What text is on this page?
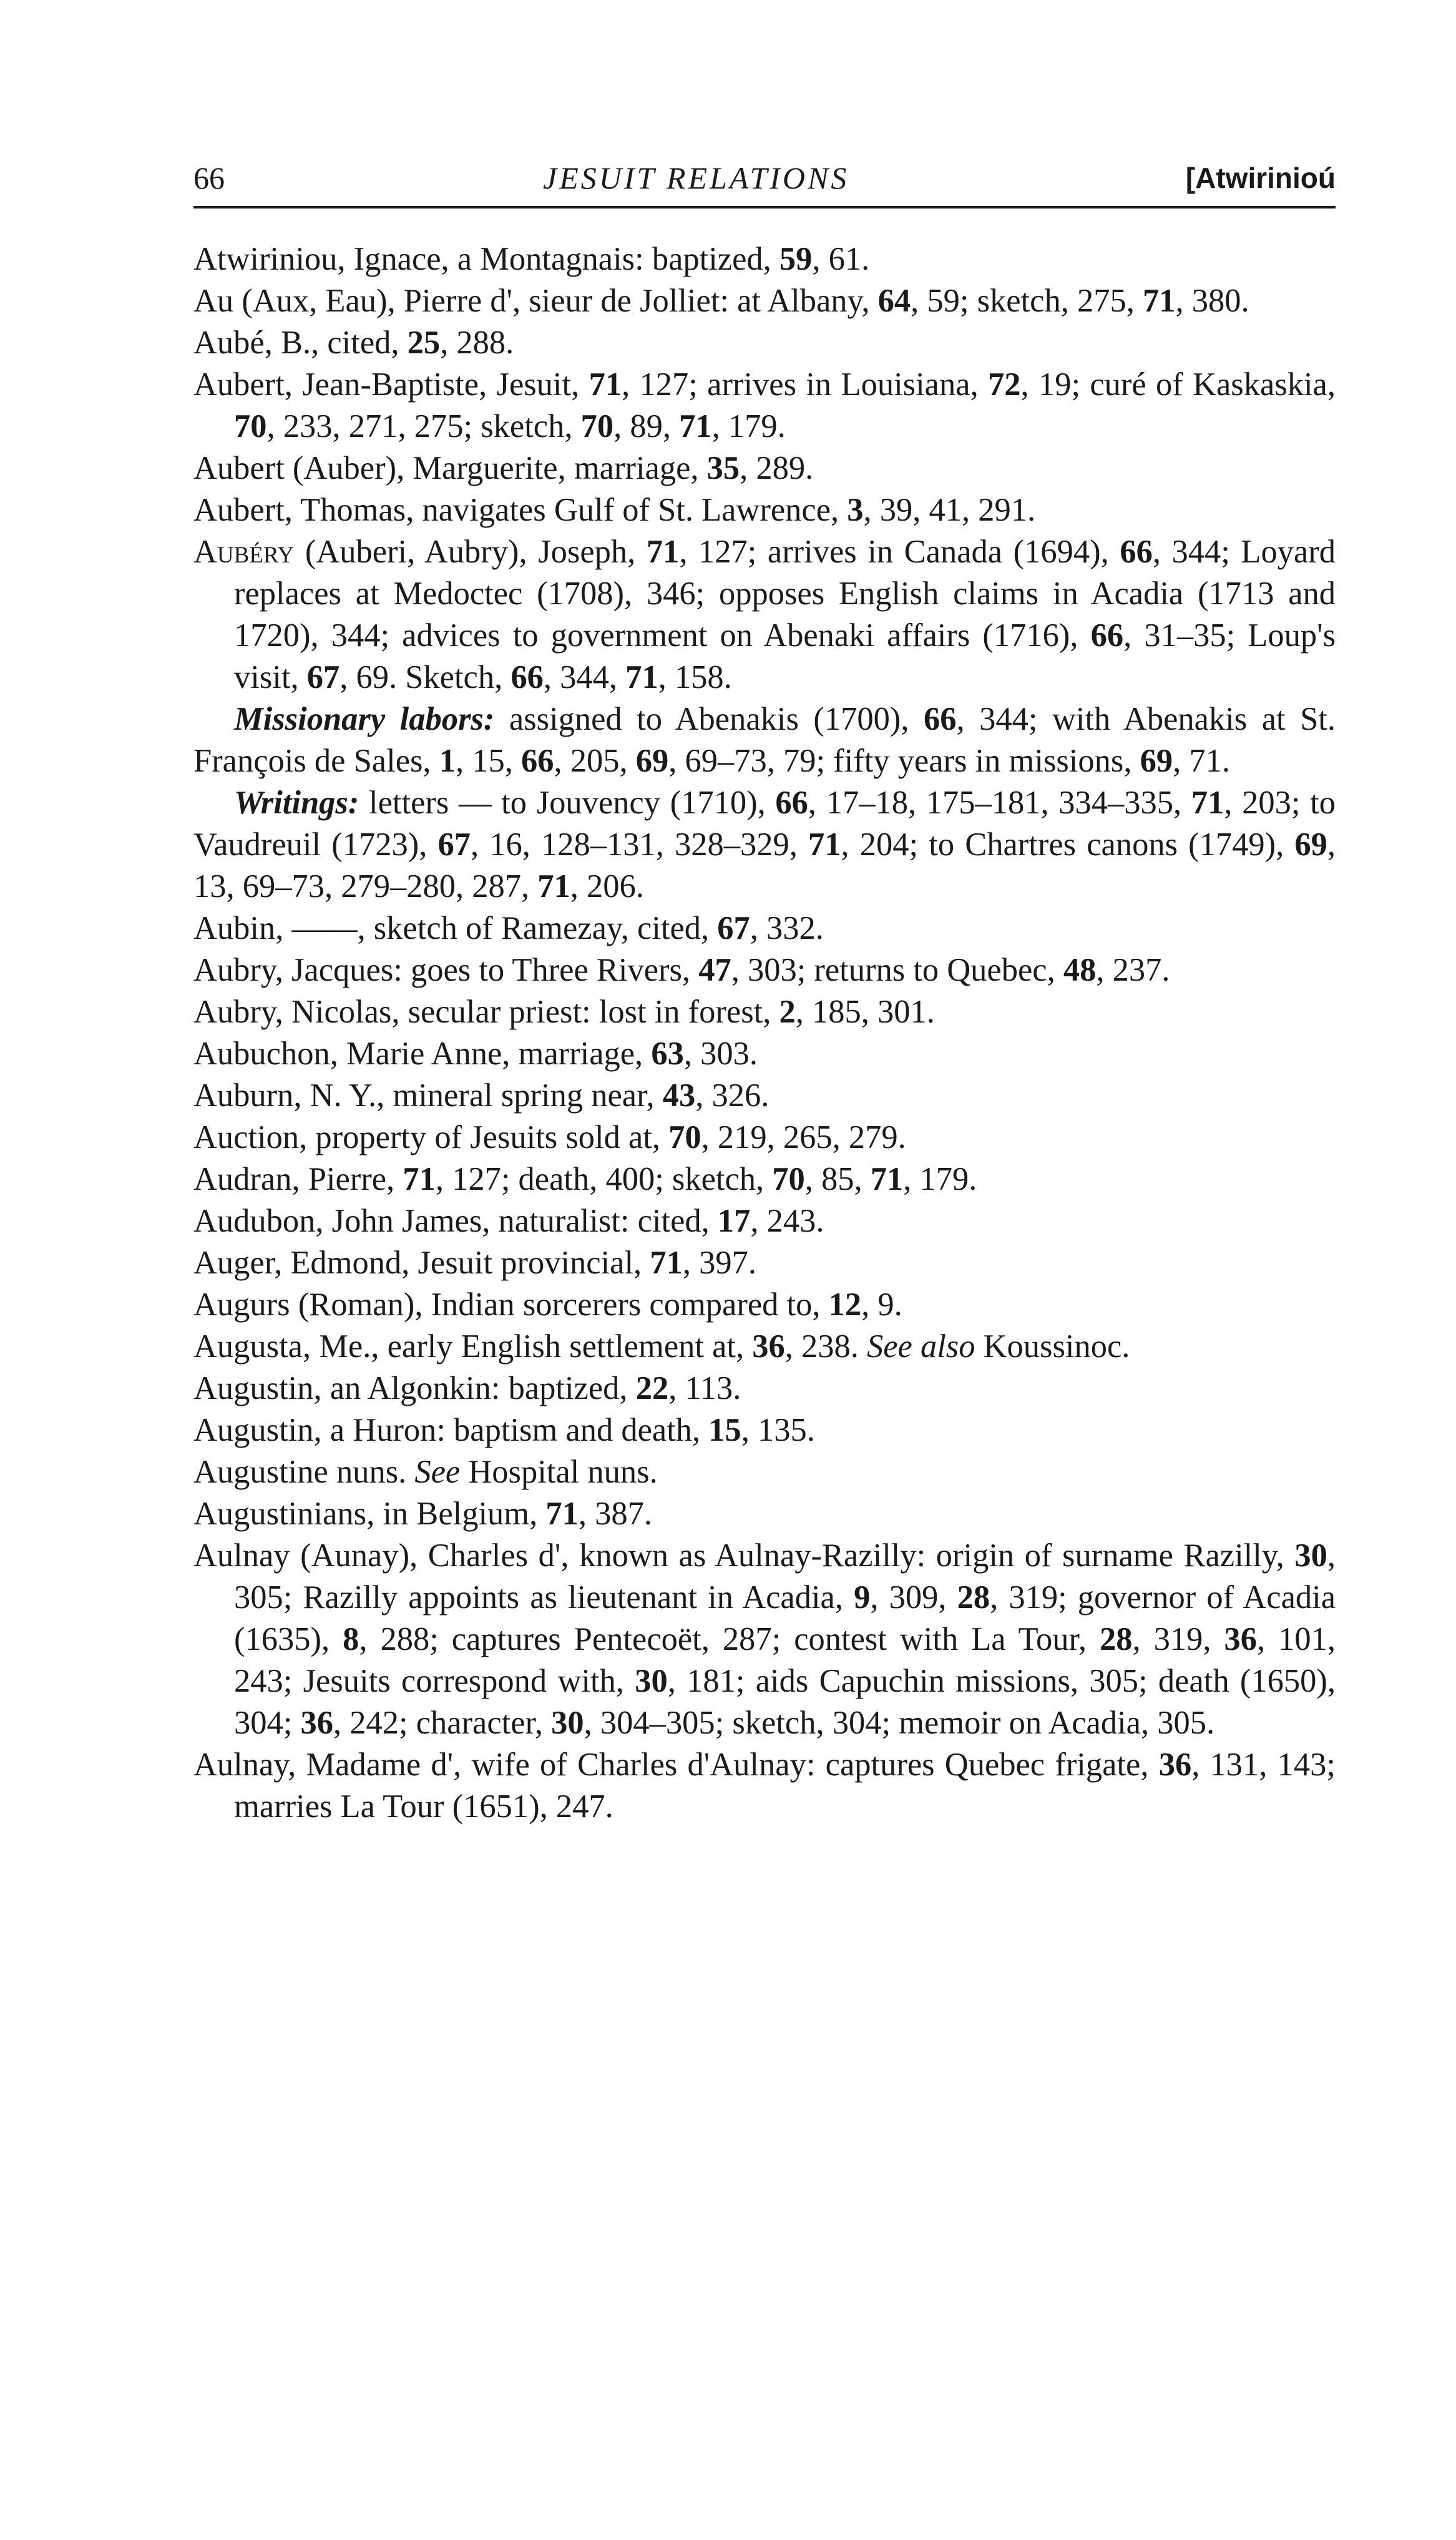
66	JESUIT RELATIONS	[Atwirinioú

Atwiriniou, Ignace, a Montagnais: baptized, 59, 61.

Au (Aux, Eau), Pierre d', sieur de Jolliet: at Albany, 64, 59; sketch, 275, 71, 380.

Aubé, B., cited, 25, 288.

Aubert, Jean-Baptiste, Jesuit, 71, 127; arrives in Louisiana, 72, 19; curé of Kaskaskia, 70, 233, 271, 275; sketch, 70, 89, 71, 179.

Aubert (Auber), Marguerite, marriage, 35, 289.

Aubert, Thomas, navigates Gulf of St. Lawrence, 3, 39, 41, 291.

Aubéry (Auberi, Aubry), Joseph, 71, 127; arrives in Canada (1694), 66, 344; Loyard replaces at Medoctec (1708), 346; opposes English claims in Acadia (1713 and 1720), 344; advices to government on Abenaki affairs (1716), 66, 31–35; Loup's visit, 67, 69. Sketch, 66, 344, 71, 158.

Missionary labors: assigned to Abenakis (1700), 66, 344; with Abenakis at St. François de Sales, 1, 15, 66, 205, 69, 69–73, 79; fifty years in missions, 69, 71.

Writings: letters — to Jouvency (1710), 66, 17–18, 175–181, 334–335, 71, 203; to Vaudreuil (1723), 67, 16, 128–131, 328–329, 71, 204; to Chartres canons (1749), 69, 13, 69–73, 279–280, 287, 71, 206.

Aubin, ——, sketch of Ramezay, cited, 67, 332.

Aubry, Jacques: goes to Three Rivers, 47, 303; returns to Quebec, 48, 237.

Aubry, Nicolas, secular priest: lost in forest, 2, 185, 301.

Aubuchon, Marie Anne, marriage, 63, 303.

Auburn, N. Y., mineral spring near, 43, 326.

Auction, property of Jesuits sold at, 70, 219, 265, 279.

Audran, Pierre, 71, 127; death, 400; sketch, 70, 85, 71, 179.

Audubon, John James, naturalist: cited, 17, 243.

Auger, Edmond, Jesuit provincial, 71, 397.

Augurs (Roman), Indian sorcerers compared to, 12, 9.

Augusta, Me., early English settlement at, 36, 238. See also Koussinoc.

Augustin, an Algonkin: baptized, 22, 113.

Augustin, a Huron: baptism and death, 15, 135.

Augustine nuns. See Hospital nuns.

Augustinians, in Belgium, 71, 387.

Aulnay (Aunay), Charles d', known as Aulnay-Razilly: origin of surname Razilly, 30, 305; Razilly appoints as lieutenant in Acadia, 9, 309, 28, 319; governor of Acadia (1635), 8, 288; captures Pentecoët, 287; contest with La Tour, 28, 319, 36, 101, 243; Jesuits correspond with, 30, 181; aids Capuchin missions, 305; death (1650), 304; 36, 242; character, 30, 304–305; sketch, 304; memoir on Acadia, 305.

Aulnay, Madame d', wife of Charles d'Aulnay: captures Quebec frigate, 36, 131, 143; marries La Tour (1651), 247.
